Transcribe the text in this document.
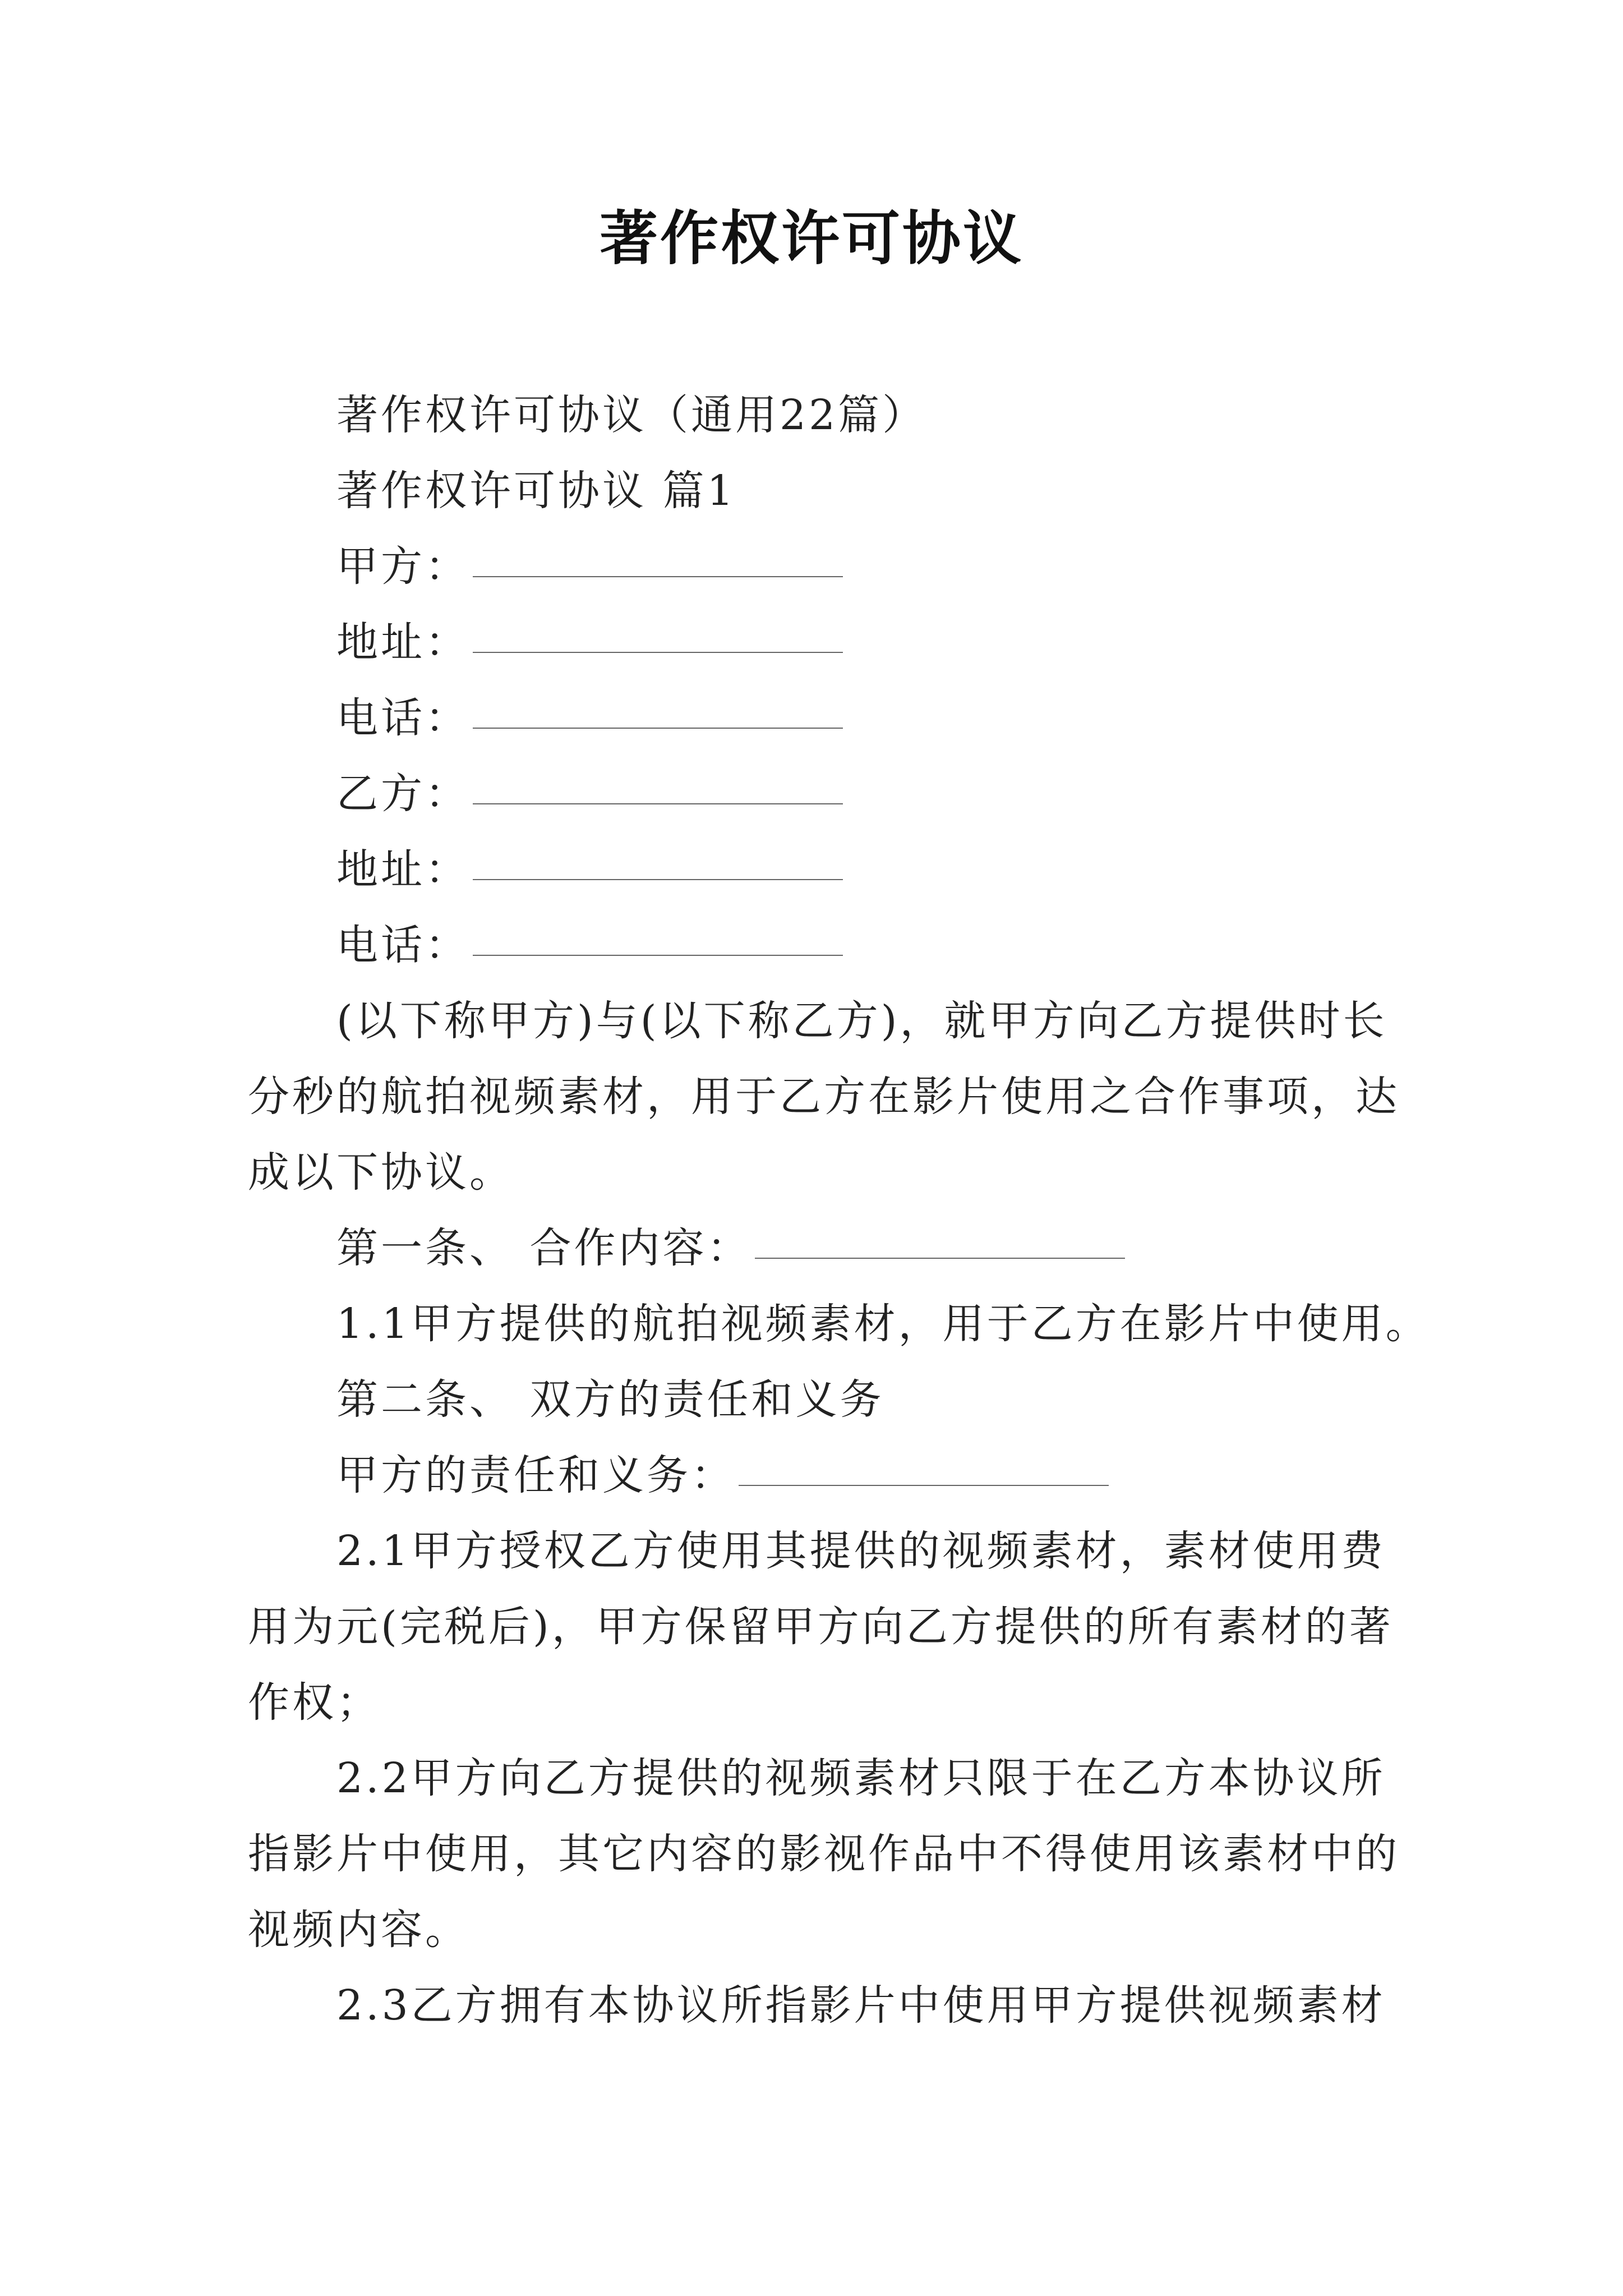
著作权许可协议
著作权许可协议（通用22篇）
著作权许可协议 篇1
甲方：
地址：
电话：
乙方：
地址：
电话：
(以下称甲方)与(以下称乙方)，就甲方向乙方提供时长
分秒的航拍视频素材，用于乙方在影片使用之合作事项，达
成以下协议。
第一条、 合作内容：
1.1甲方提供的航拍视频素材，用于乙方在影片中使用。
第二条、 双方的责任和义务
甲方的责任和义务：
2.1甲方授权乙方使用其提供的视频素材，素材使用费
用为元(完税后)，甲方保留甲方向乙方提供的所有素材的著
作权；
2.2甲方向乙方提供的视频素材只限于在乙方本协议所
指影片中使用，其它内容的影视作品中不得使用该素材中的
视频内容。
2.3乙方拥有本协议所指影片中使用甲方提供视频素材
